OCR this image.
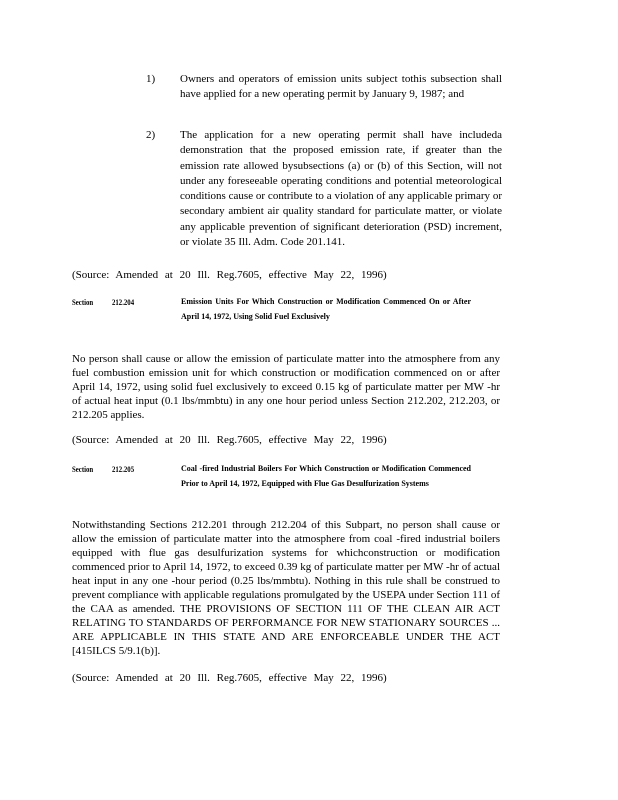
1) Owners and operators of emission units subject tothis subsection shall have applied for a new operating permit by January 9, 1987; and
2) The application for a new operating permit shall have includeda demonstration that the proposed emission rate, if greater than the emission rate allowed bysubsections (a) or (b) of this Section, will not under any foreseeable operating conditions and potential meteorological conditions cause or contribute to a violation of any applicable primary or secondary ambient air quality standard for particulate matter, or violate any applicable prevention of significant deterioration (PSD) increment, or violate 35 Ill. Adm. Code 201.141.
(Source: Amended at 20 Ill. Reg.7605, effective May 22, 1996)
Section 212.204	Emission Units For Which Construction or Modification Commenced On or After April 14, 1972, Using Solid Fuel Exclusively
No person shall cause or allow the emission of particulate matter into the atmosphere from any fuel combustion emission unit for which construction or modification commenced on or after April 14, 1972, using solid fuel exclusively to exceed 0.15 kg of particulate matter per MW -hr of actual heat input (0.1 lbs/mmbtu) in any one hour period unless Section 212.202, 212.203, or 212.205 applies.
(Source: Amended at 20 Ill. Reg.7605, effective May 22, 1996)
Section 212.205	Coal -fired Industrial Boilers For Which Construction or Modification Commenced Prior to April 14, 1972, Equipped with Flue Gas Desulfurization Systems
Notwithstanding Sections 212.201 through 212.204 of this Subpart, no person shall cause or allow the emission of particulate matter into the atmosphere from coal -fired industrial boilers equipped with flue gas desulfurization systems for whichconstruction or modification commenced prior to April 14, 1972, to exceed 0.39 kg of particulate matter per MW -hr of actual heat input in any one -hour period (0.25 lbs/mmbtu). Nothing in this rule shall be construed to prevent compliance with applicable regulations promulgated by the USEPA under Section 111 of the CAA as amended. THE PROVISIONS OF SECTION 111 OF THE CLEAN AIR ACT RELATING TO STANDARDS OF PERFORMANCE FOR NEW STATIONARY SOURCES ... ARE APPLICABLE IN THIS STATE AND ARE ENFORCEABLE UNDER THE ACT [415ILCS 5/9.1(b)].
(Source: Amended at 20 Ill. Reg.7605, effective May 22, 1996)
